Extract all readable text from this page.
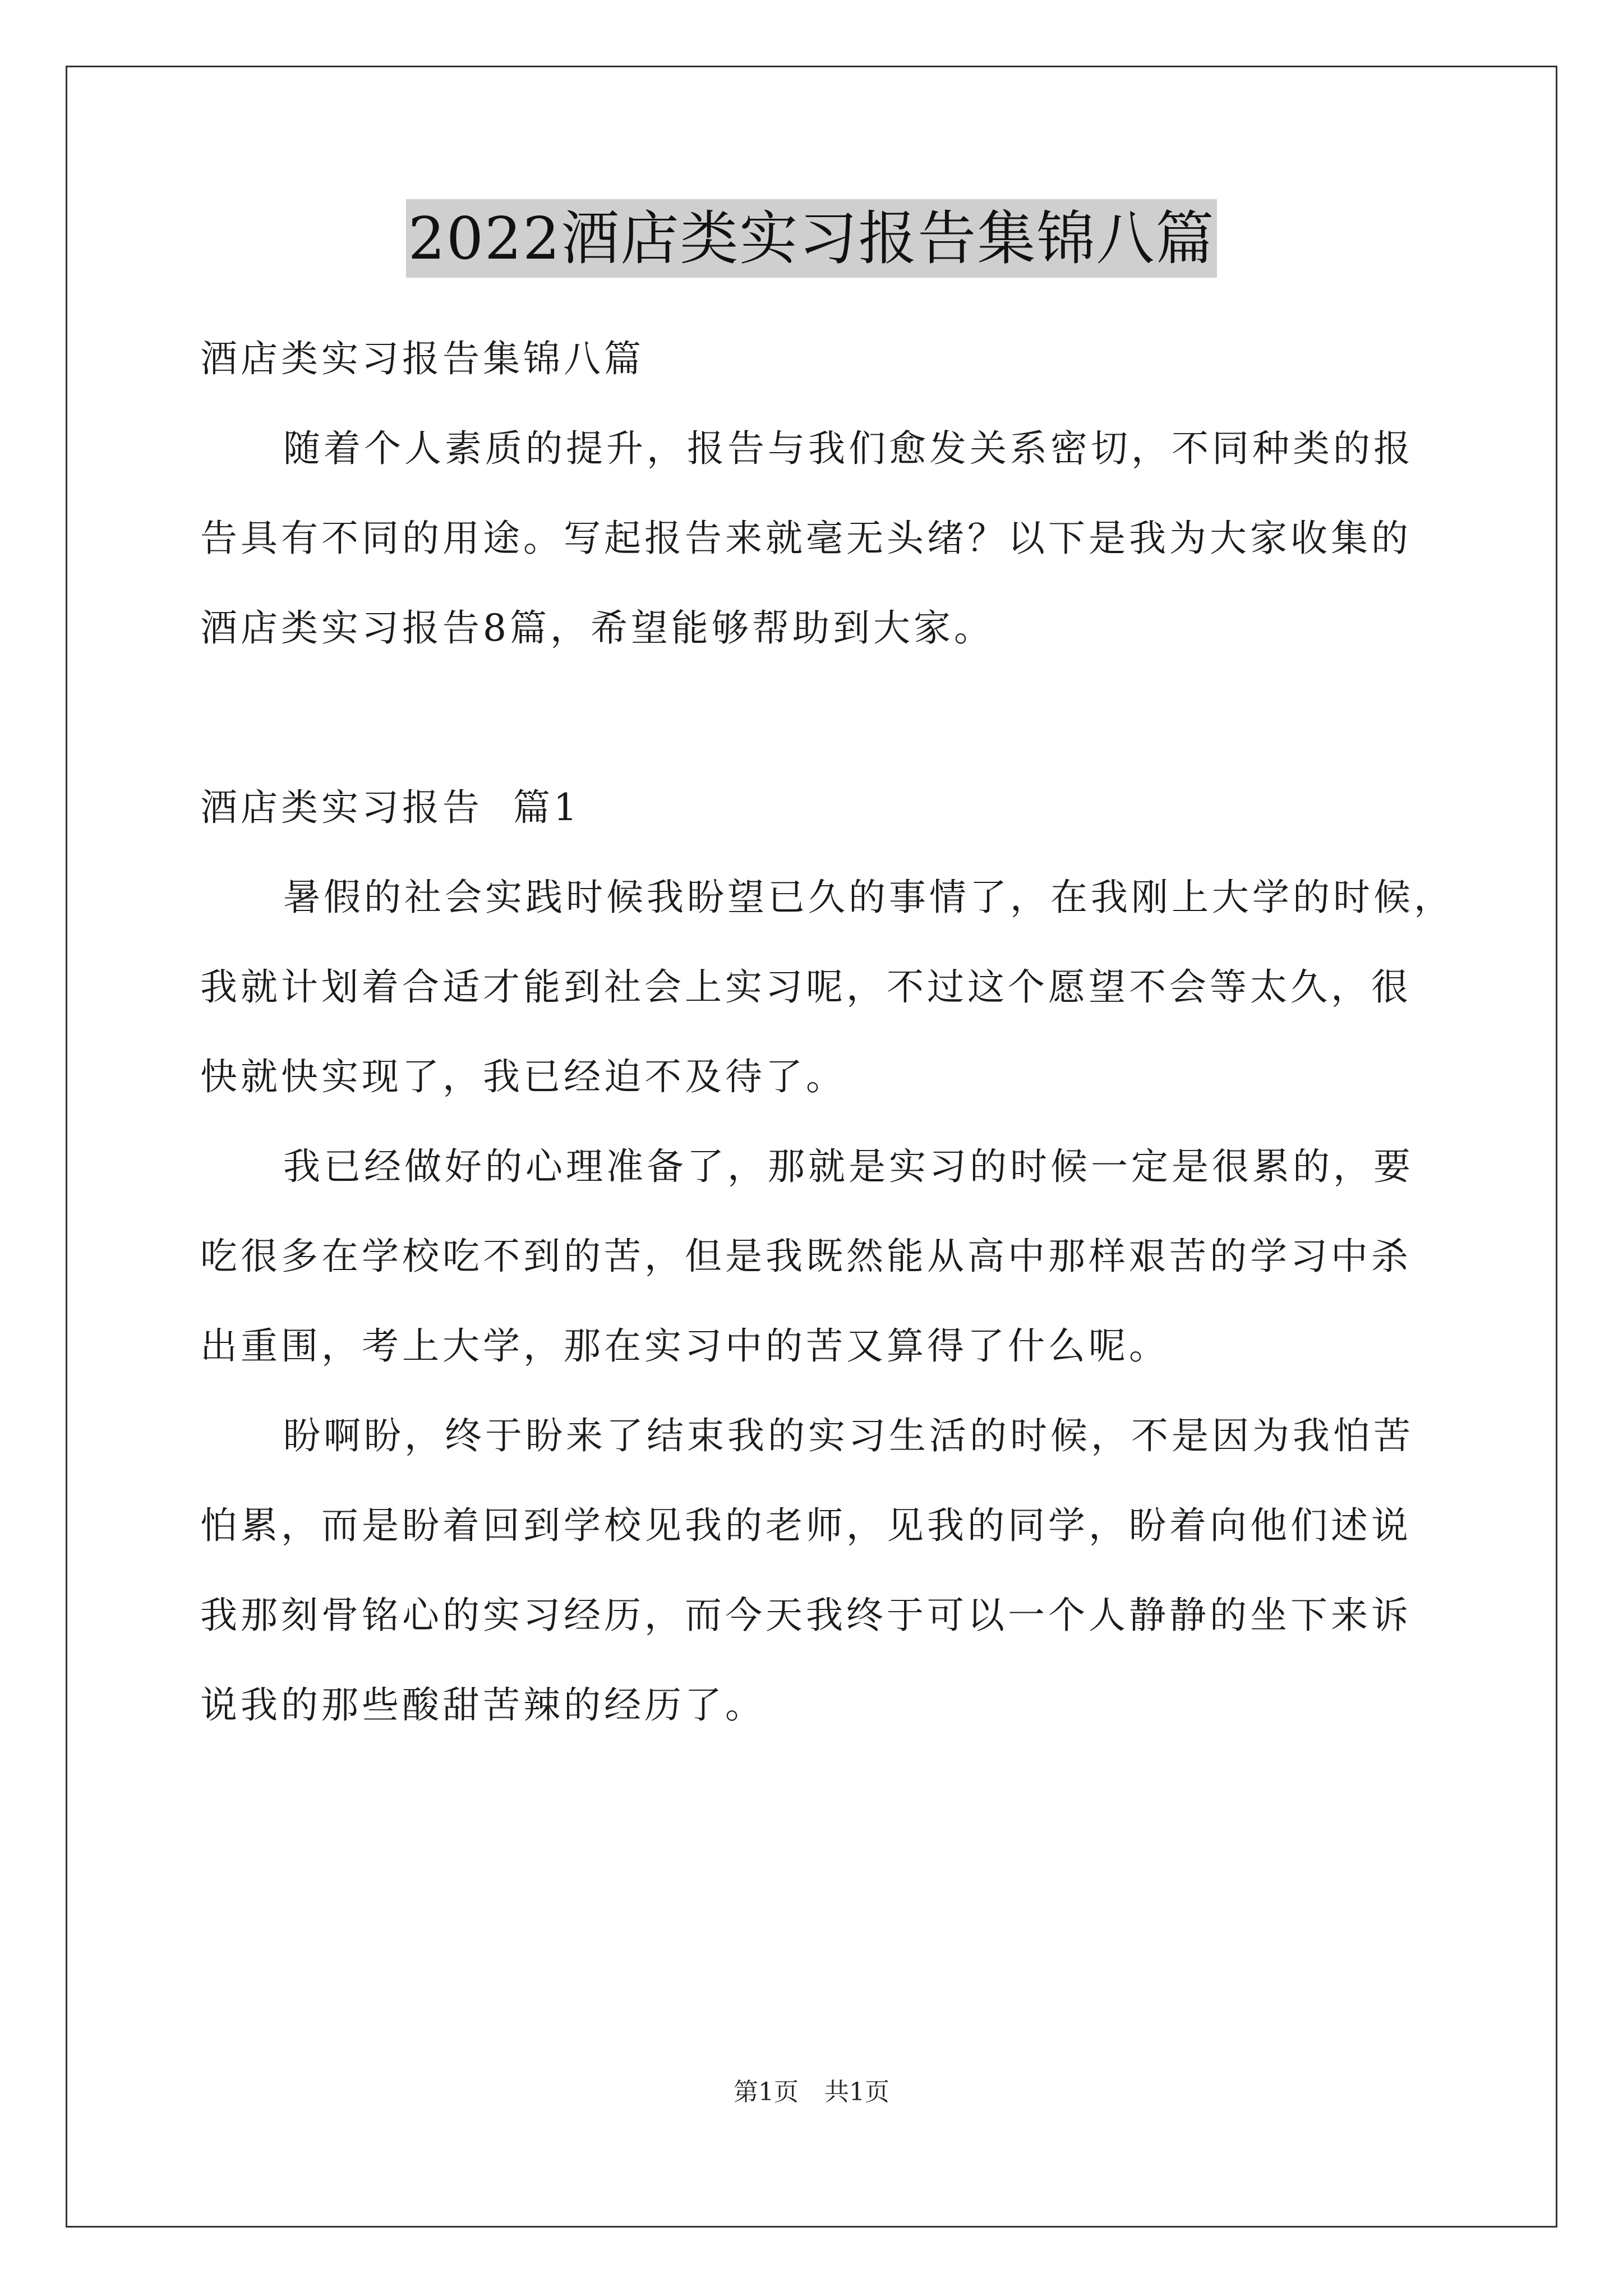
2022酒店类实习报告集锦八篇
酒店类实习报告集锦八篇
随着个人素质的提升，报告与我们愈发关系密切，不同种类的报
告具有不同的用途。写起报告来就毫无头绪？以下是我为大家收集的
酒店类实习报告8篇，希望能够帮助到大家。
酒店类实习报告  篇1
暑假的社会实践时候我盼望已久的事情了，在我刚上大学的时候，
我就计划着合适才能到社会上实习呢，不过这个愿望不会等太久，很
快就快实现了，我已经迫不及待了。
我已经做好的心理准备了，那就是实习的时候一定是很累的，要
吃很多在学校吃不到的苦，但是我既然能从高中那样艰苦的学习中杀
出重围，考上大学，那在实习中的苦又算得了什么呢。
盼啊盼，终于盼来了结束我的实习生活的时候，不是因为我怕苦
怕累，而是盼着回到学校见我的老师，见我的同学，盼着向他们述说
我那刻骨铭心的实习经历，而今天我终于可以一个人静静的坐下来诉
说我的那些酸甜苦辣的经历了。
第1页 共1页
